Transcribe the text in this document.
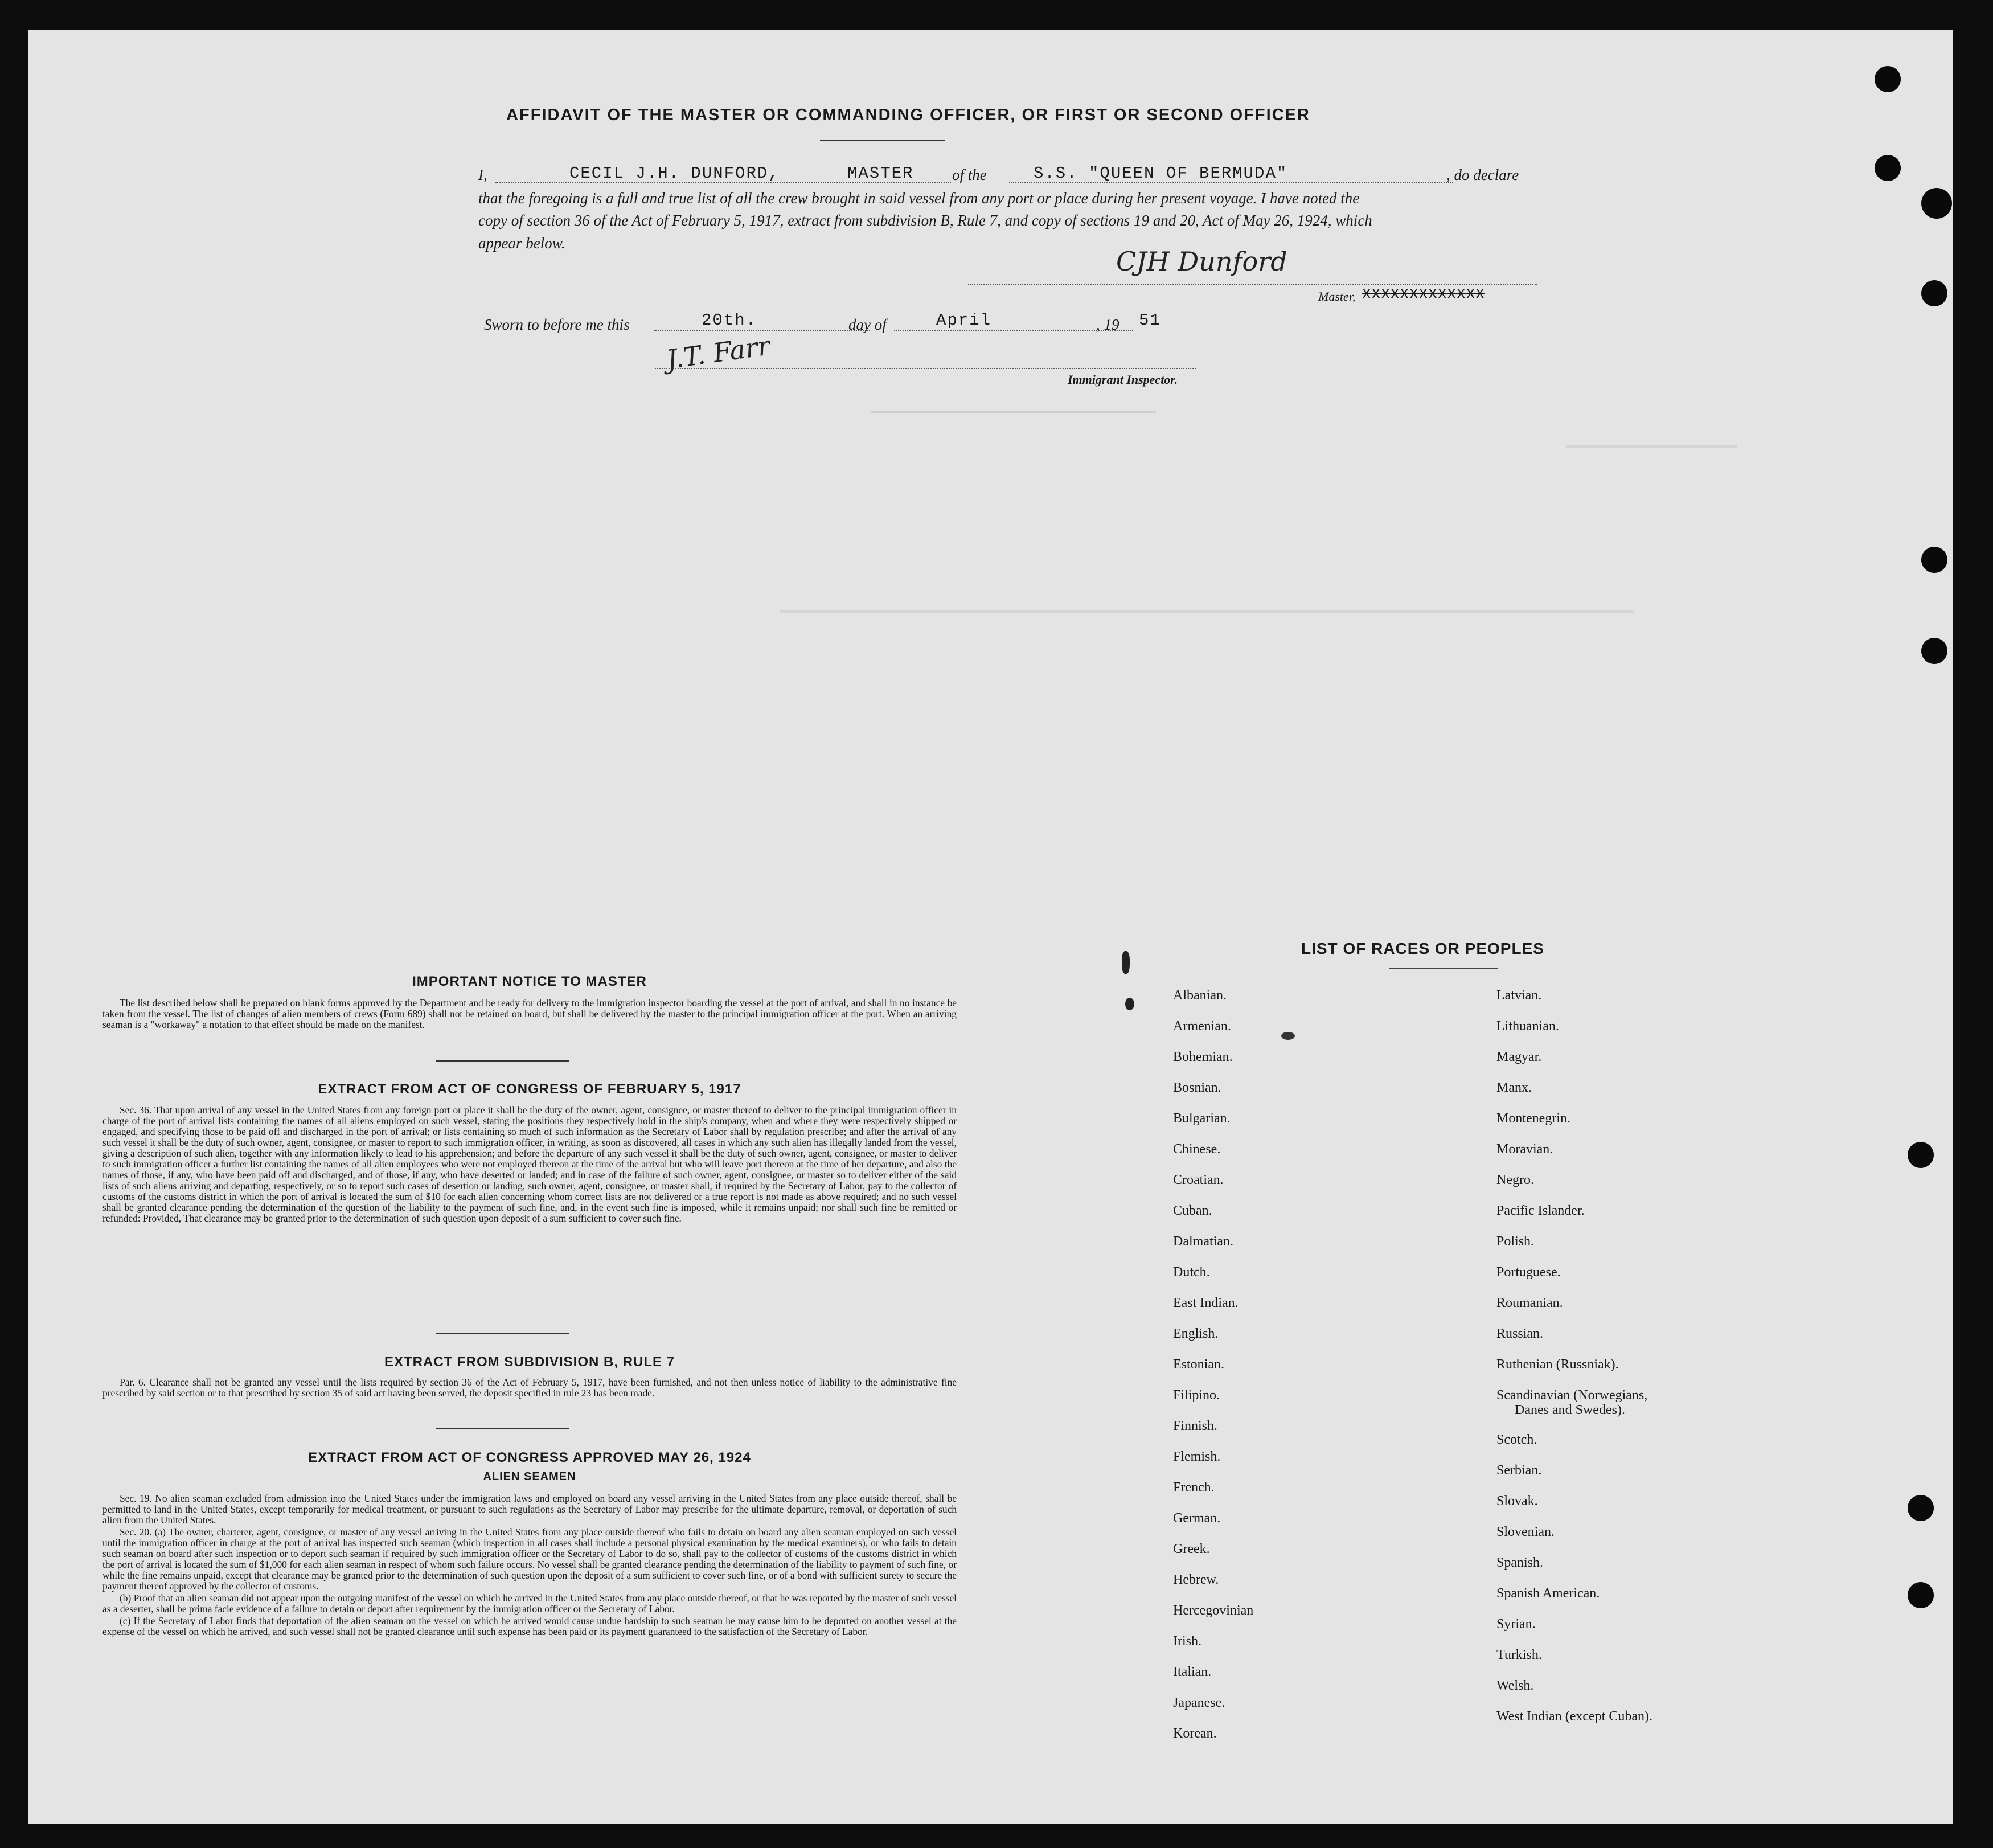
AFFIDAVIT OF THE MASTER OR COMMANDING OFFICER, OR FIRST OR SECOND OFFICER
I,	CECIL J.H. DUNFORD,	MASTER	of the	S.S. "QUEEN OF BERMUDA"	, do declare
that the foregoing is a full and true list of all the crew brought in said vessel from any port or place during her present voyage. I have noted the
copy of section 36 of the Act of February 5, 1917, extract from subdivision B, Rule 7, and copy of sections 19 and 20, Act of May 26, 1924, which
appear below.
CJH Dunford
Master, XXXXXXXXXXXXX
Sworn to before me this	20th.	day of	April	, 19 51
J.T. Farr
Immigrant Inspector.
IMPORTANT NOTICE TO MASTER

The list described below shall be prepared on blank forms approved by the Department and be ready for delivery to the immigration inspector boarding the vessel at the port of arrival, and shall in no instance be taken from the vessel. The list of changes of alien members of crews (Form 689) shall not be retained on board, but shall be delivered by the master to the principal immigration officer at the port. When an arriving seaman is a "workaway" a notation to that effect should be made on the manifest.

EXTRACT FROM ACT OF CONGRESS OF FEBRUARY 5, 1917

Sec. 36. That upon arrival of any vessel in the United States from any foreign port or place it shall be the duty of the owner, agent, consignee, or master thereof to deliver to the principal immigration officer in charge of the port of arrival lists containing the names of all aliens employed on such vessel, stating the positions they respectively hold in the ship's company, when and where they were respectively shipped or engaged, and specifying those to be paid off and discharged in the port of arrival; or lists containing so much of such information as the Secretary of Labor shall by regulation prescribe; and after the arrival of any such vessel it shall be the duty of such owner, agent, consignee, or master to report to such immigration officer, in writing, as soon as discovered, all cases in which any such alien has illegally landed from the vessel, giving a description of such alien, together with any information likely to lead to his apprehension; and before the departure of any such vessel it shall be the duty of such owner, agent, consignee, or master to deliver to such immigration officer a further list containing the names of all alien employees who were not employed thereon at the time of the arrival but who will leave port thereon at the time of her departure, and also the names of those, if any, who have been paid off and discharged, and of those, if any, who have deserted or landed; and in case of the failure of such owner, agent, consignee, or master so to deliver either of the said lists of such aliens arriving and departing, respectively, or so to report such cases of desertion or landing, such owner, agent, consignee, or master shall, if required by the Secretary of Labor, pay to the collector of customs of the customs district in which the port of arrival is located the sum of $10 for each alien concerning whom correct lists are not delivered or a true report is not made as above required; and no such vessel shall be granted clearance pending the determination of the question of the liability to the payment of such fine, and, in the event such fine is imposed, while it remains unpaid; nor shall such fine be remitted or refunded: Provided, That clearance may be granted prior to the determination of such question upon deposit of a sum sufficient to cover such fine.

EXTRACT FROM SUBDIVISION B, RULE 7

Par. 6. Clearance shall not be granted any vessel until the lists required by section 36 of the Act of February 5, 1917, have been furnished, and not then unless notice of liability to the administrative fine prescribed by said section or to that prescribed by section 35 of said act having been served, the deposit specified in rule 23 has been made.

EXTRACT FROM ACT OF CONGRESS APPROVED MAY 26, 1924
ALIEN SEAMEN

Sec. 19. No alien seaman excluded from admission into the United States under the immigration laws and employed on board any vessel arriving in the United States from any place outside thereof, shall be permitted to land in the United States, except temporarily for medical treatment, or pursuant to such regulations as the Secretary of Labor may prescribe for the ultimate departure, removal, or deportation of such alien from the United States.

Sec. 20. (a) The owner, charterer, agent, consignee, or master of any vessel arriving in the United States from any place outside thereof who fails to detain on board any alien seaman employed on such vessel until the immigration officer in charge at the port of arrival has inspected such seaman (which inspection in all cases shall include a personal physical examination by the medical examiners), or who fails to detain such seaman on board after such inspection or to deport such seaman if required by such immigration officer or the Secretary of Labor to do so, shall pay to the collector of customs of the customs district in which the port of arrival is located the sum of $1,000 for each alien seaman in respect of whom such failure occurs. No vessel shall be granted clearance pending the determination of the liability to payment of such fine, or while the fine remains unpaid, except that clearance may be granted prior to the determination of such question upon the deposit of a sum sufficient to cover such fine, or of a bond with sufficient surety to secure the payment thereof approved by the collector of customs.

(b) Proof that an alien seaman did not appear upon the outgoing manifest of the vessel on which he arrived in the United States from any place outside thereof, or that he was reported by the master of such vessel as a deserter, shall be prima facie evidence of a failure to detain or deport after requirement by the immigration officer or the Secretary of Labor.

(c) If the Secretary of Labor finds that deportation of the alien seaman on the vessel on which he arrived would cause undue hardship to such seaman he may cause him to be deported on another vessel at the expense of the vessel on which he arrived, and such vessel shall not be granted clearance until such expense has been paid or its payment guaranteed to the satisfaction of the Secretary of Labor.

LIST OF RACES OR PEOPLES
Albanian.
Armenian.
Bohemian.
Bosnian.
Bulgarian.
Chinese.
Croatian.
Cuban.
Dalmatian.
Dutch.
East Indian.
English.
Estonian.
Filipino.
Finnish.
Flemish.
French.
German.
Greek.
Hebrew.
Hercegovinian
Irish.
Italian.
Japanese.
Korean.
Latvian.
Lithuanian.
Magyar.
Manx.
Montenegrin.
Moravian.
Negro.
Pacific Islander.
Polish.
Portuguese.
Roumanian.
Russian.
Ruthenian (Russniak).
Scandinavian (Norwegians,
Danes and Swedes).
Scotch.
Serbian.
Slovak.
Slovenian.
Spanish.
Spanish American.
Syrian.
Turkish.
Welsh.
West Indian (except Cuban).
